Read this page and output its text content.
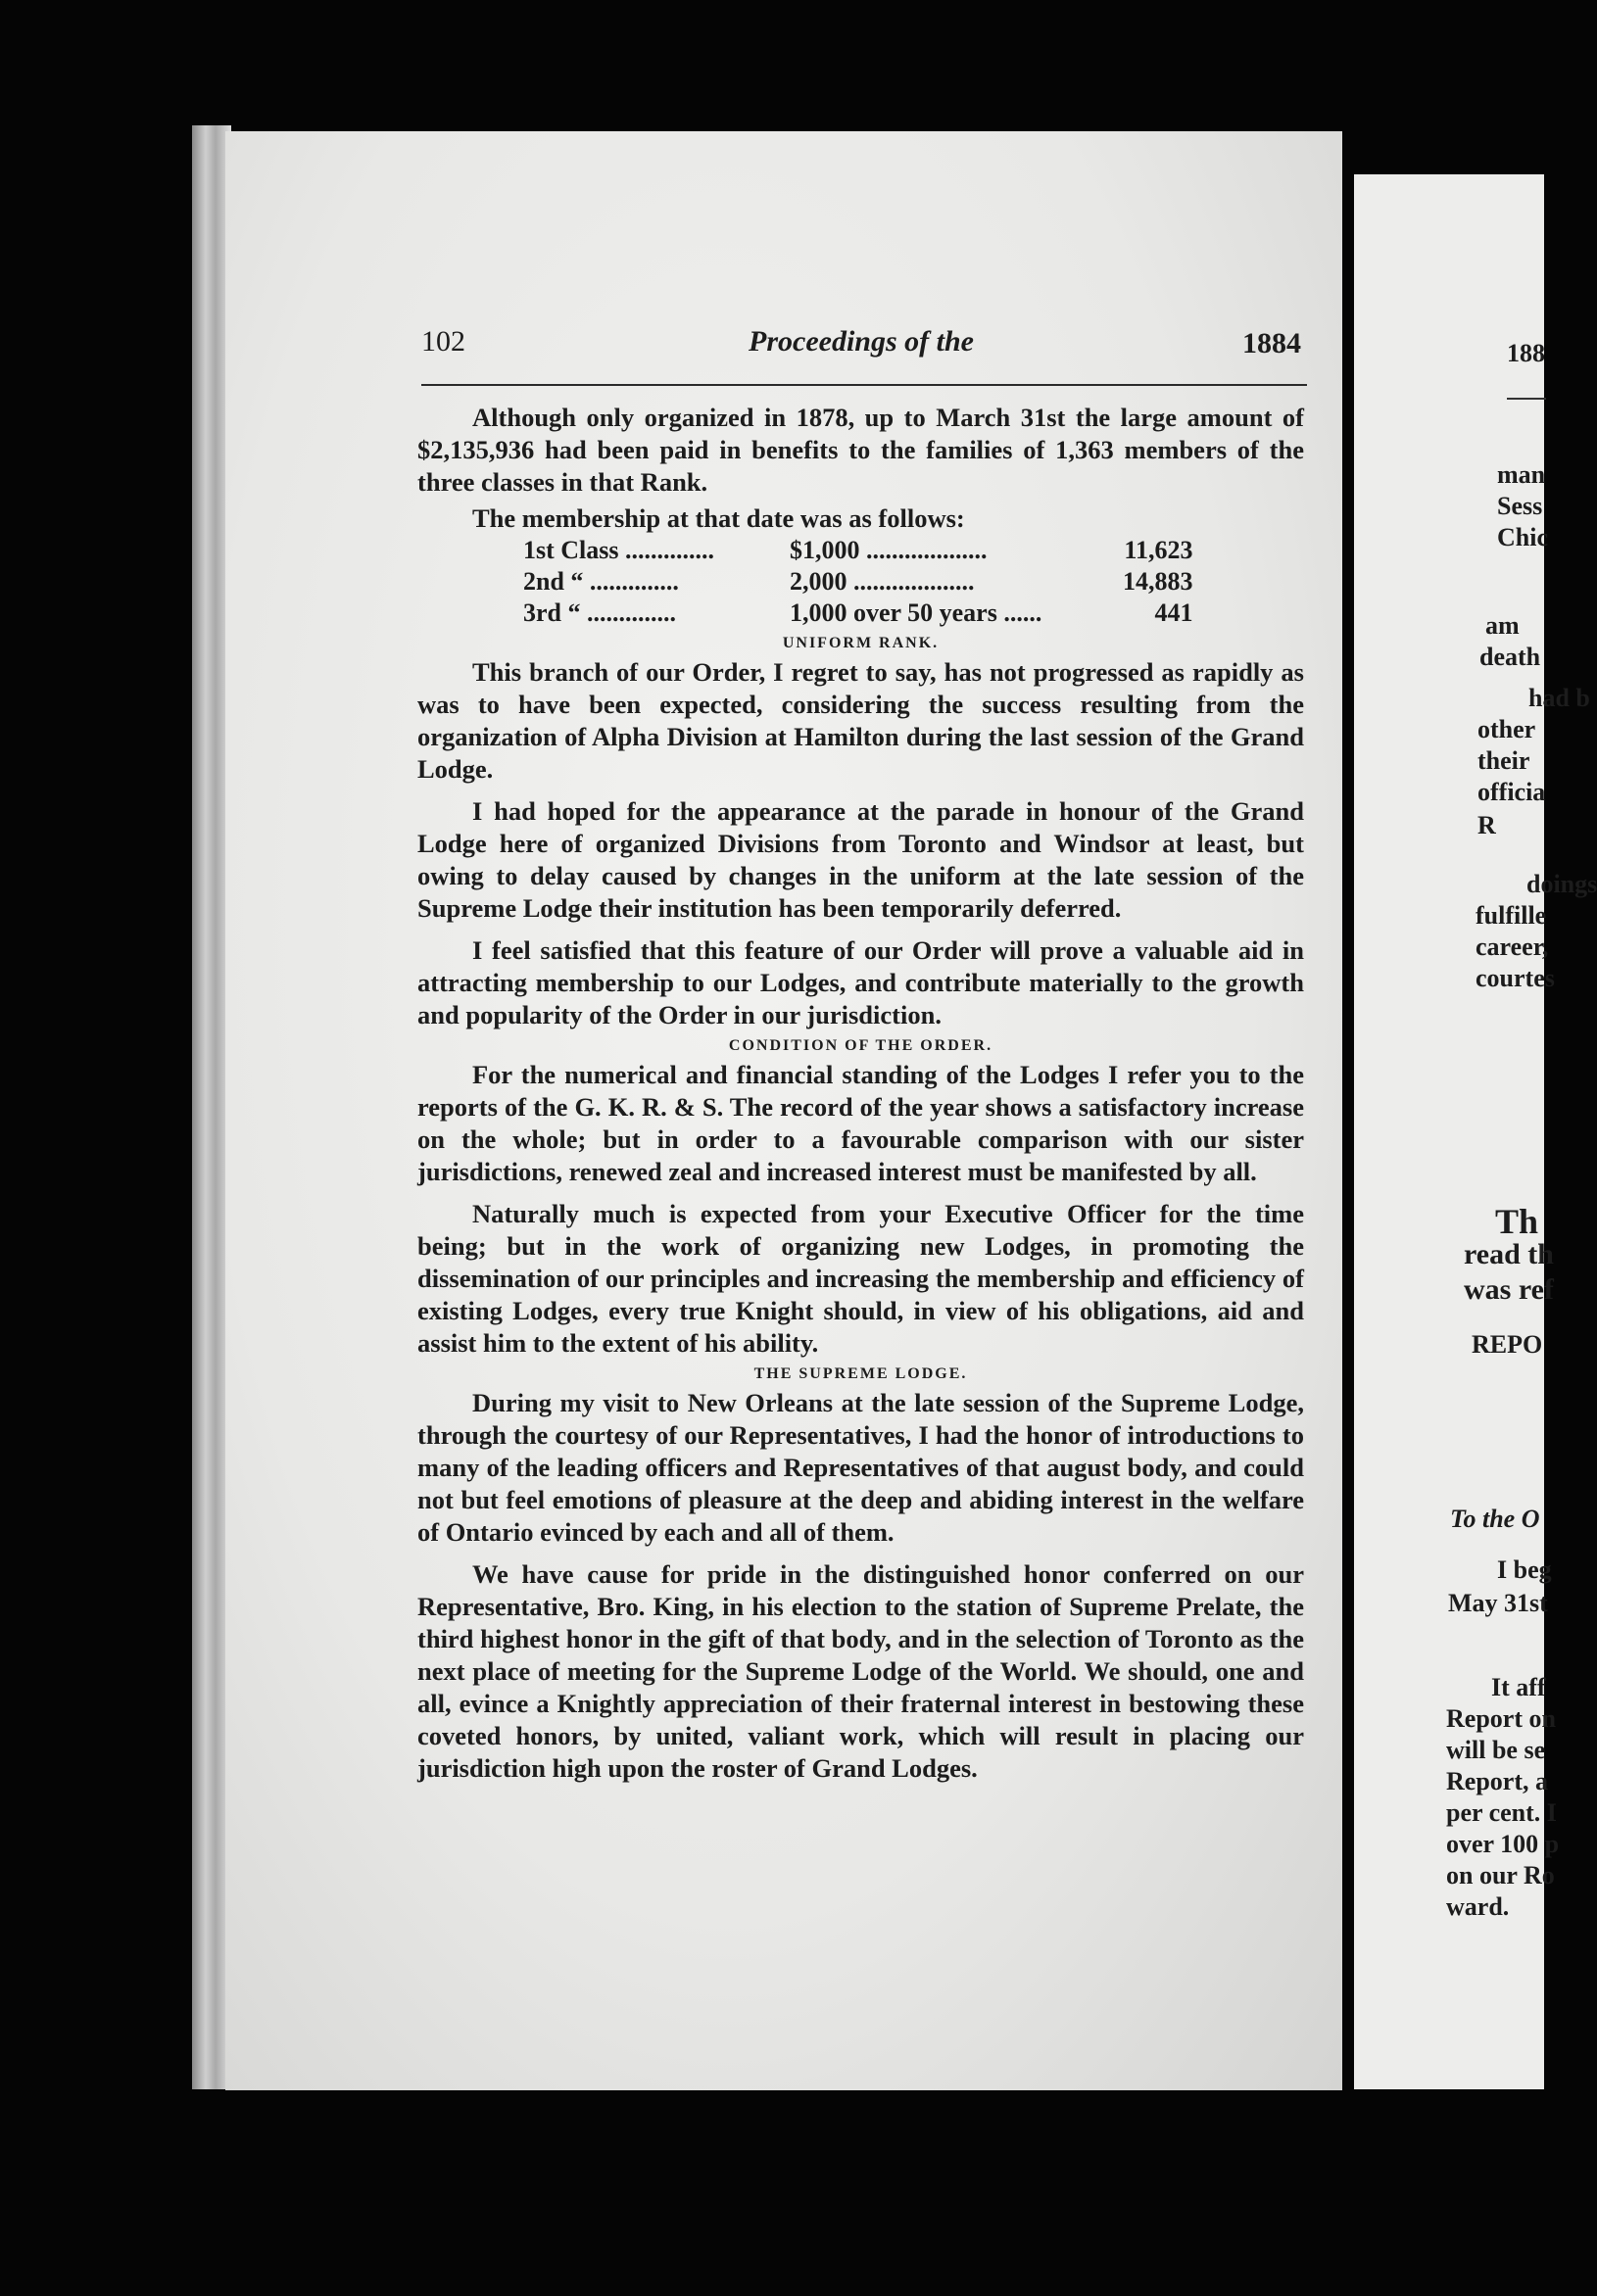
102	Proceedings of the	1884

Although only organized in 1878, up to March 31st the large amount of $2,135,936 had been paid in benefits to the families of 1,363 members of the three classes in that Rank.

The membership at that date was as follows:

1st Class ..............	$1,000 ...................	11,623
2nd “ ..............	2,000 ...................	14,883
3rd “ ..............	1,000 over 50 years ......	441
UNIFORM RANK.

This branch of our Order, I regret to say, has not progressed as rapidly as was to have been expected, considering the success resulting from the organization of Alpha Division at Hamilton during the last session of the Grand Lodge.

I had hoped for the appearance at the parade in honour of the Grand Lodge here of organized Divisions from Toronto and Windsor at least, but owing to delay caused by changes in the uniform at the late session of the Supreme Lodge their institution has been temporarily deferred.

I feel satisfied that this feature of our Order will prove a valuable aid in attracting membership to our Lodges, and contribute materially to the growth and popularity of the Order in our jurisdiction.

CONDITION OF THE ORDER.

For the numerical and financial standing of the Lodges I refer you to the reports of the G. K. R. & S. The record of the year shows a satisfactory increase on the whole; but in order to a favourable comparison with our sister jurisdictions, renewed zeal and increased interest must be manifested by all.

Naturally much is expected from your Executive Officer for the time being; but in the work of organizing new Lodges, in promoting the dissemination of our principles and increasing the membership and efficiency of existing Lodges, every true Knight should, in view of his obligations, aid and assist him to the extent of his ability.

THE SUPREME LODGE.

During my visit to New Orleans at the late session of the Supreme Lodge, through the courtesy of our Representatives, I had the honor of introductions to many of the leading officers and Representatives of that august body, and could not but feel emotions of pleasure at the deep and abiding interest in the welfare of Ontario evinced by each and all of them.

We have cause for pride in the distinguished honor conferred on our Representative, Bro. King, in his election to the station of Supreme Prelate, the third highest honor in the gift of that body, and in the selection of Toronto as the next place of meeting for the Supreme Lodge of the World. We should, one and all, evince a Knightly appreciation of their fraternal interest in bestowing these coveted honors, by united, valiant work, which will result in placing our jurisdiction high upon the roster of Grand Lodges.

188
man
Sess
Chic
am
death
had b
other
their
officia
R
doings
fulfille
career,
courtes
Th
read th
was ref
REPO
To the O
I beg
May 31st
It aff
Report on
will be se
Report, a
per cent. I
over 100 p
on our Ro
ward.
